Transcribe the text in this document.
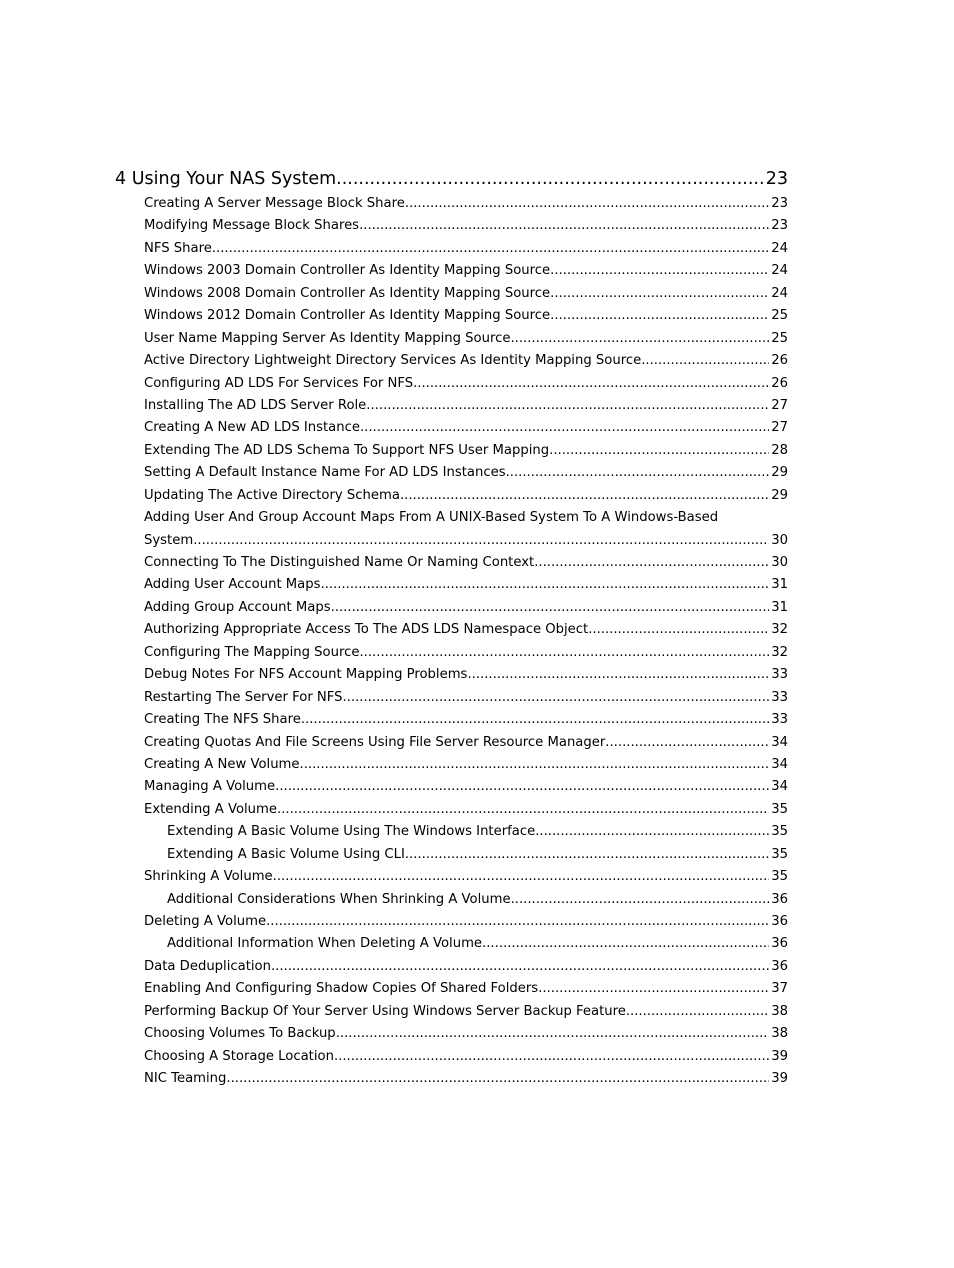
4 Using Your NAS System .....	23
Creating A Server Message Block Share .....	23
Modifying Message Block Shares .....	23
NFS Share .....	24
Windows 2003 Domain Controller As Identity Mapping Source .....	24
Windows 2008 Domain Controller As Identity Mapping Source .....	24
Windows 2012 Domain Controller As Identity Mapping Source .....	25
User Name Mapping Server As Identity Mapping Source .....	25
Active Directory Lightweight Directory Services As Identity Mapping Source .....	26
Configuring AD LDS For Services For NFS .....	26
Installing The AD LDS Server Role .....	27
Creating A New AD LDS Instance .....	27
Extending The AD LDS Schema To Support NFS User Mapping .....	28
Setting A Default Instance Name For AD LDS Instances .....	29
Updating The Active Directory Schema .....	29
Adding User And Group Account Maps From A UNIX-Based System To A Windows-Based
System .....	30
Connecting To The Distinguished Name Or Naming Context .....	30
Adding User Account Maps .....	31
Adding Group Account Maps .....	31
Authorizing Appropriate Access To The ADS LDS Namespace Object .....	32
Configuring The Mapping Source .....	32
Debug Notes For NFS Account Mapping Problems .....	33
Restarting The Server For NFS .....	33
Creating The NFS Share .....	33
Creating Quotas And File Screens Using File Server Resource Manager .....	34
Creating A New Volume .....	34
Managing A Volume .....	34
Extending A Volume .....	35
Extending A Basic Volume Using The Windows Interface .....	35
Extending A Basic Volume Using CLI .....	35
Shrinking A Volume .....	35
Additional Considerations When Shrinking A Volume .....	36
Deleting A Volume .....	36
Additional Information When Deleting A Volume .....	36
Data Deduplication .....	36
Enabling And Configuring Shadow Copies Of Shared Folders .....	37
Performing Backup Of Your Server Using Windows Server Backup Feature .....	38
Choosing Volumes To Backup .....	38
Choosing A Storage Location .....	39
NIC Teaming .....	39
